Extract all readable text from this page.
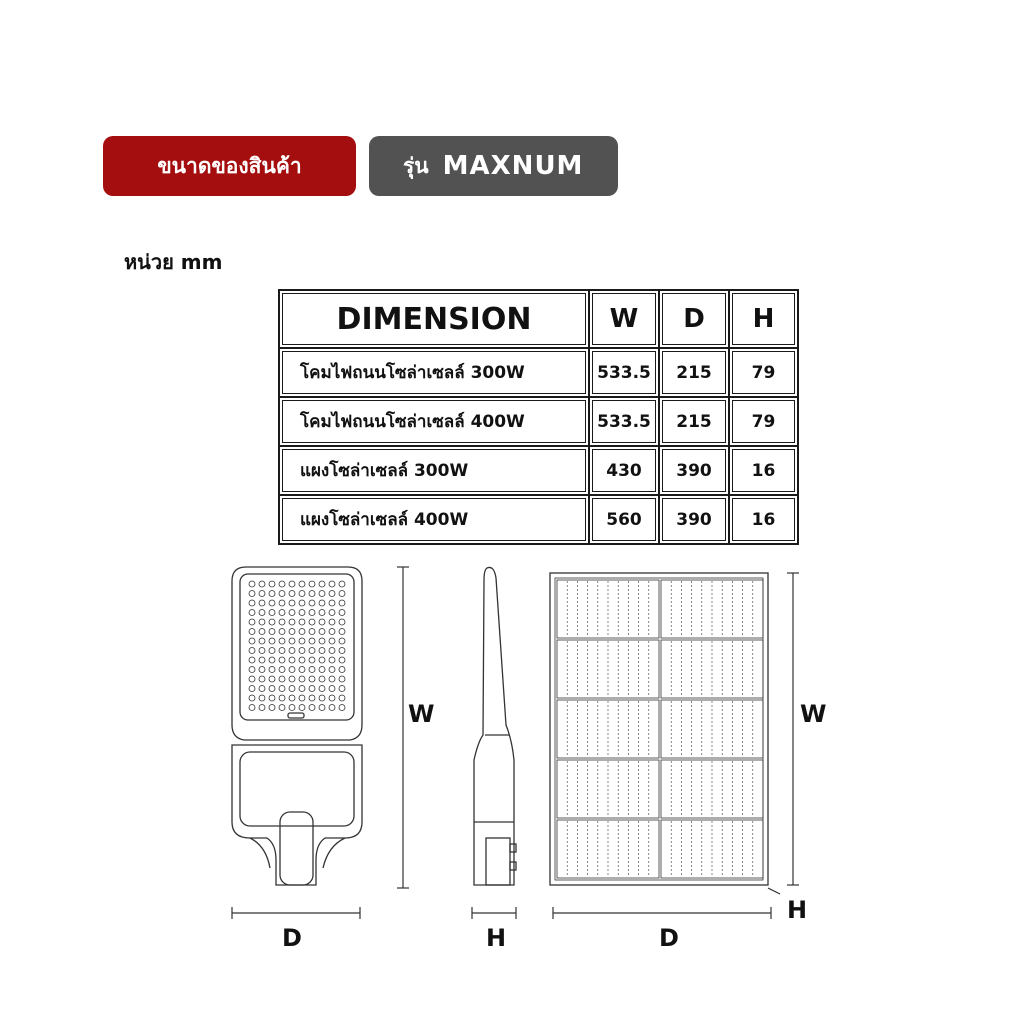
ขนาดของสินค้า	รุ่น MAXNUM
หน่วย mm
DIMENSION	W	D	H
โคมไฟถนนโซล่าเซลล์ 300W	533.5	215	79
โคมไฟถนนโซล่าเซลล์ 400W	533.5	215	79
แผงโซล่าเซลล์ 300W	430	390	16
แผงโซล่าเซลล์ 400W	560	390	16
D
W
H
W
H
D
